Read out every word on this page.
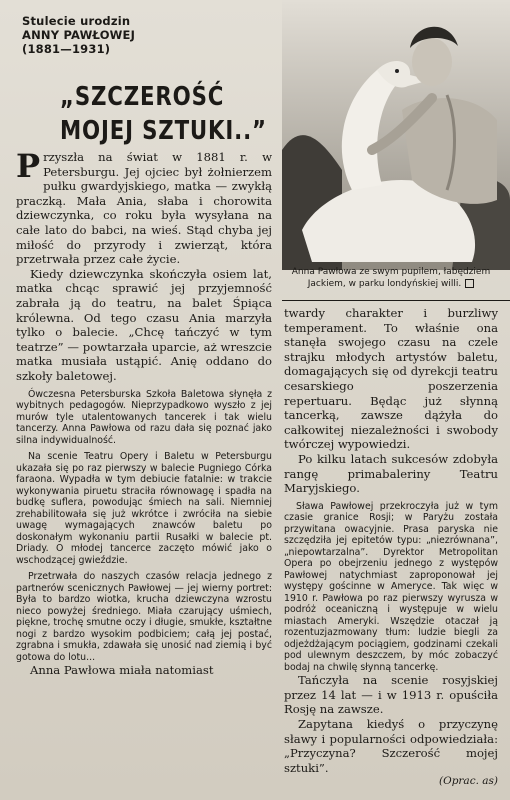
Stulecie urodzin
ANNY PAWŁOWEJ
(1881—1931)
„SZCZEROŚĆ
MOJEJ SZTUKI..”
Anna Pawłowa ze swym pupilem, łabędziem Jackiem, w parku londyńskiej willi.

Przyszła na świat w 1881 r. w Petersburgu. Jej ojciec był żołnierzem pułku gwardyjskiego, matka — zwykłą praczką. Mała Ania, słaba i chorowita dziewczynka, co roku była wysyłana na całe lato do babci, na wieś. Stąd chyba jej miłość do przyrody i zwierząt, która przetrwała przez całe życie.

Kiedy dziewczynka skończyła osiem lat, matka chcąc sprawić jej przyjemność zabrała ją do teatru, na balet Śpiąca królewna. Od tego czasu Ania marzyła tylko o balecie. „Chcę tańczyć w tym teatrze” — powtarzała uparcie, aż wreszcie matka musiała ustąpić. Anię oddano do szkoły baletowej.

Ówczesna Petersburska Szkoła Baletowa słynęła z wybitnych pedagogów. Nieprzypadkowo wyszło z jej murów tyle utalentowanych tancerek i tak wielu tancerzy. Anna Pawłowa od razu dała się poznać jako silna indywidualność.

Na scenie Teatru Opery i Baletu w Petersburgu ukazała się po raz pierwszy w balecie Pugniego Córka faraona. Wypadła w tym debiucie fatalnie: w trakcie wykonywania piruetu straciła równowagę i spadła na budkę suflera, powodując śmiech na sali. Niemniej zrehabilitowała się już wkrótce i zwróciła na siebie uwagę wymagających znawców baletu po doskonałym wykonaniu partii Rusałki w balecie pt. Driady. O młodej tancerce zaczęto mówić jako o wschodzącej gwieździe.

Przetrwała do naszych czasów relacja jednego z partnerów scenicznych Pawłowej — jej wierny portret: Była to bardzo wiotka, krucha dziewczyna wzrostu nieco powyżej średniego. Miała czarujący uśmiech, piękne, trochę smutne oczy i długie, smukłe, kształtne nogi z bardzo wysokim podbiciem; całą jej postać, zgrabna i smukła, zdawała się unosić nad ziemią i być gotowa do lotu...

Anna Pawłowa miała natomiast

twardy charakter i burzliwy temperament. To właśnie ona stanęła swojego czasu na czele strajku młodych artystów baletu, domagających się od dyrekcji teatru cesarskiego poszerzenia repertuaru. Będąc już słynną tancerką, zawsze dążyła do całkowitej niezależności i swobody twórczej wypowiedzi.

Po kilku latach sukcesów zdobyła rangę primabaleriny Teatru Maryjskiego.

Sława Pawłowej przekroczyła już w tym czasie granice Rosji; w Paryżu została przywitana owacyjnie. Prasa paryska nie szczędziła jej epitetów typu: „niezrównana”, „niepowtarzalna”. Dyrektor Metropolitan Opera po obejrzeniu jednego z występów Pawłowej natychmiast zaproponował jej występy gościnne w Ameryce. Tak więc w 1910 r. Pawłowa po raz pierwszy wyrusza w podróż oceaniczną i występuje w wielu miastach Ameryki. Wszędzie otaczał ją rozentuzjazmowany tłum: ludzie biegli za odjeżdżającym pociągiem, godzinami czekali pod ulewnym deszczem, by móc zobaczyć bodaj na chwilę słynną tancerkę.

Tańczyła na scenie rosyjskiej przez 14 lat — i w 1913 r. opuściła Rosję na zawsze.

Zapytana kiedyś o przyczynę sławy i popularności odpowiedziała: „Przyczyna? Szczerość mojej sztuki”.

(Oprac. as)
